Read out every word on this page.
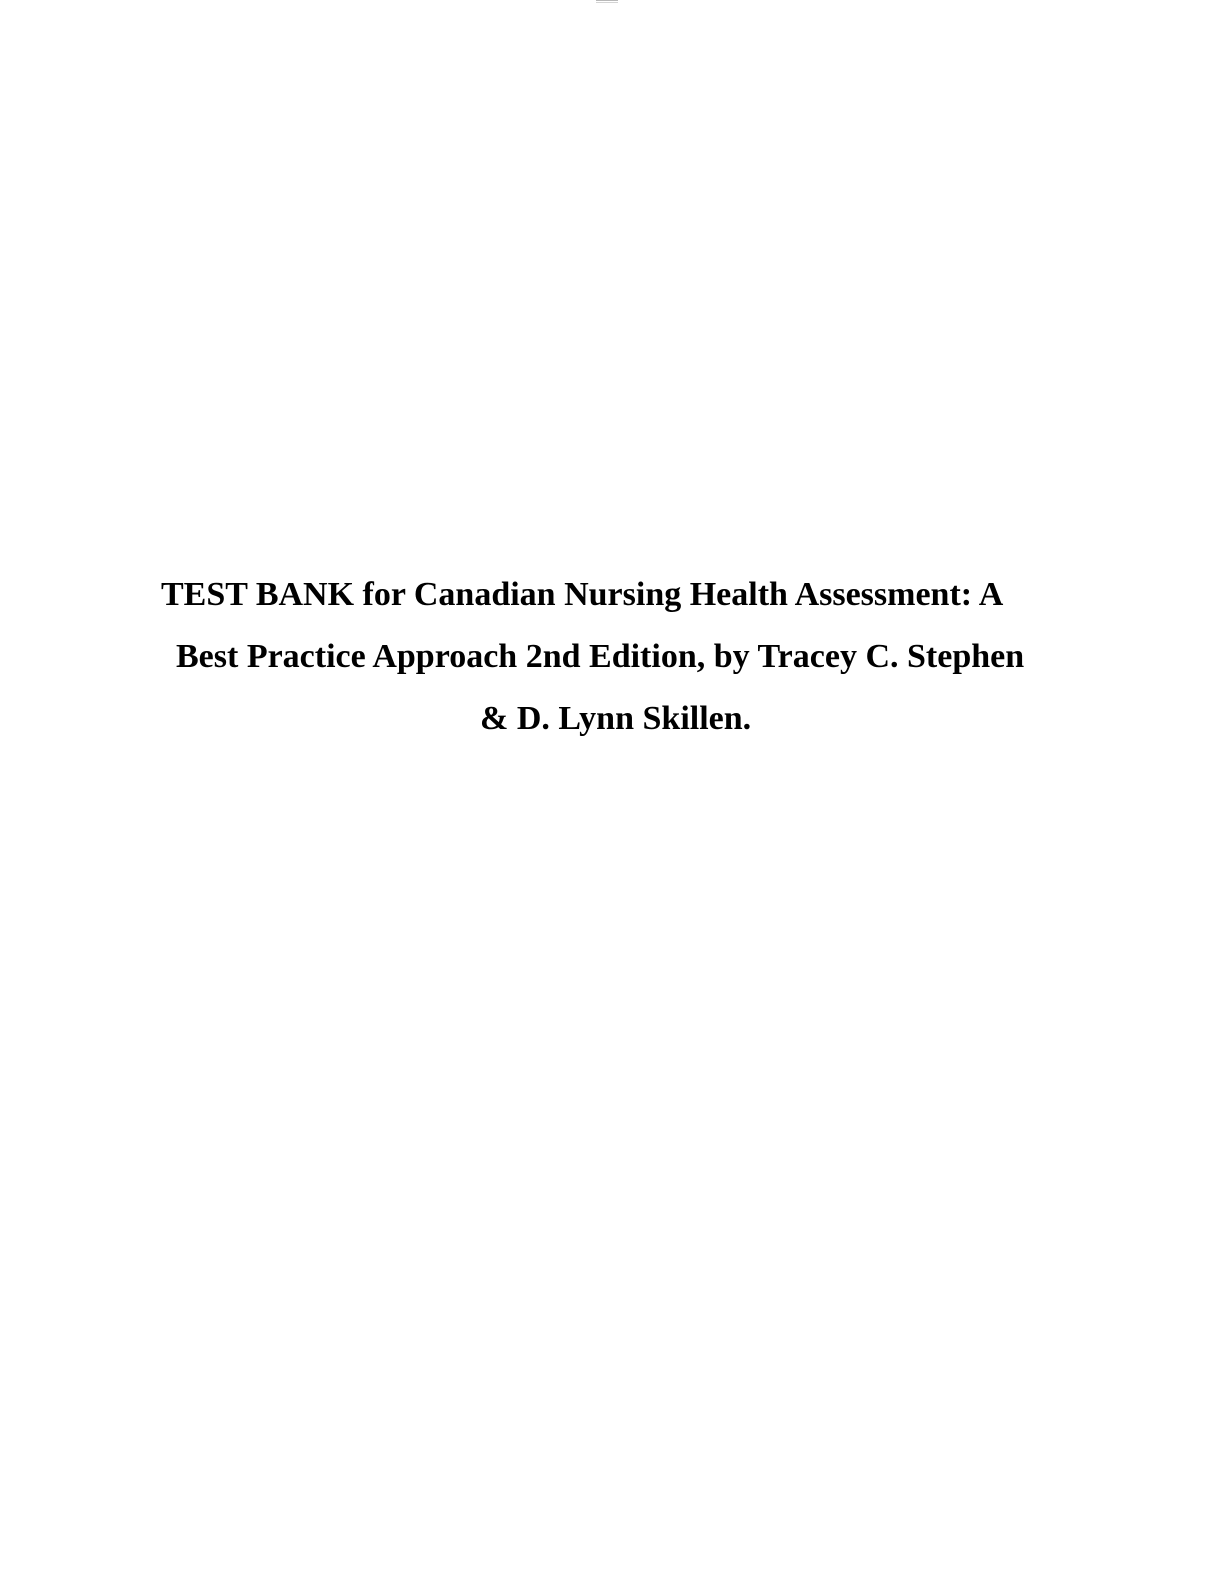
TEST BANK for Canadian Nursing Health Assessment: A
Best Practice Approach 2nd Edition, by Tracey C. Stephen
& D. Lynn Skillen.
